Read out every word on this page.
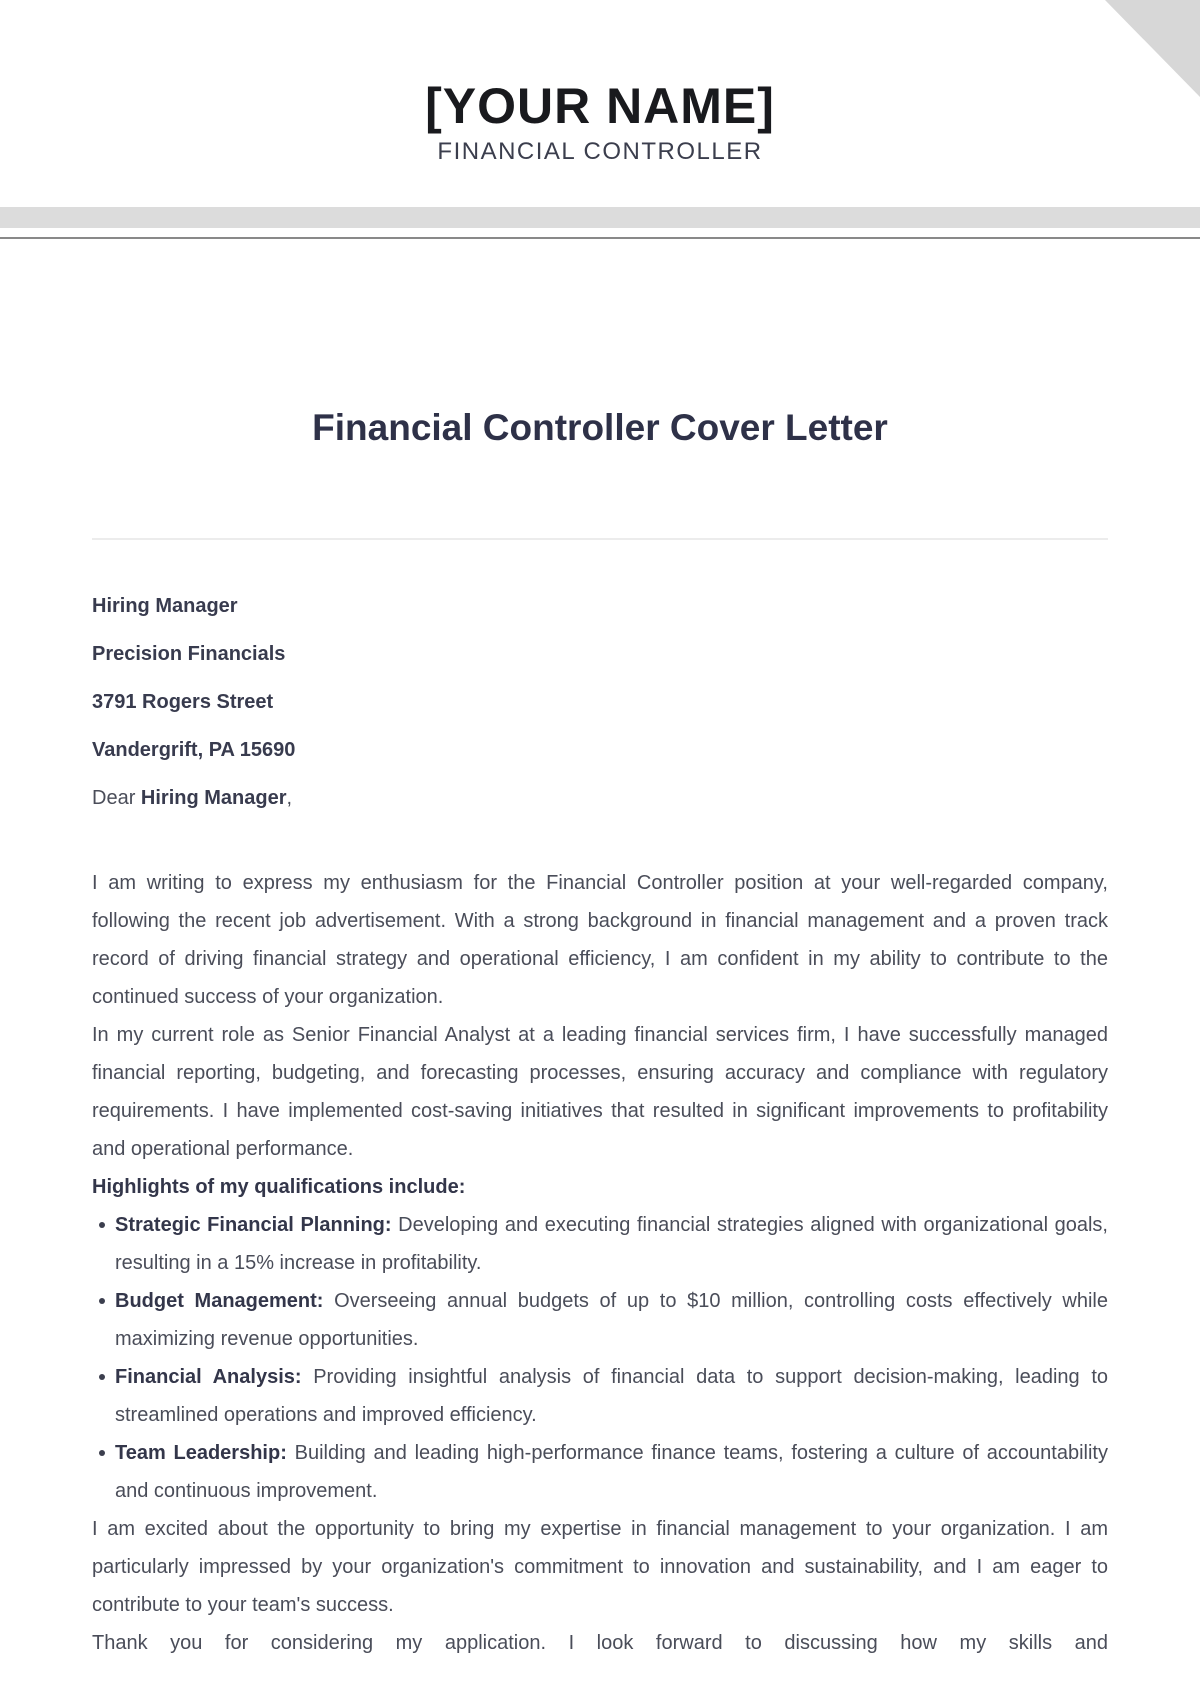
[YOUR NAME]
FINANCIAL CONTROLLER
Financial Controller Cover Letter

Hiring Manager

Precision Financials

3791 Rogers Street

Vandergrift, PA 15690

Dear Hiring Manager,

I am writing to express my enthusiasm for the Financial Controller position at your well-regarded company, following the recent job advertisement. With a strong background in financial management and a proven track record of driving financial strategy and operational efficiency, I am confident in my ability to contribute to the continued success of your organization.

In my current role as Senior Financial Analyst at a leading financial services firm, I have successfully managed financial reporting, budgeting, and forecasting processes, ensuring accuracy and compliance with regulatory requirements. I have implemented cost-saving initiatives that resulted in significant improvements to profitability and operational performance.

Highlights of my qualifications include:

Strategic Financial Planning: Developing and executing financial strategies aligned with organizational goals, resulting in a 15% increase in profitability.
Budget Management: Overseeing annual budgets of up to $10 million, controlling costs effectively while maximizing revenue opportunities.
Financial Analysis: Providing insightful analysis of financial data to support decision-making, leading to streamlined operations and improved efficiency.
Team Leadership: Building and leading high-performance finance teams, fostering a culture of accountability and continuous improvement.

I am excited about the opportunity to bring my expertise in financial management to your organization. I am particularly impressed by your organization's commitment to innovation and sustainability, and I am eager to contribute to your team's success.

Thank you for considering my application. I look forward to discussing how my skills and
